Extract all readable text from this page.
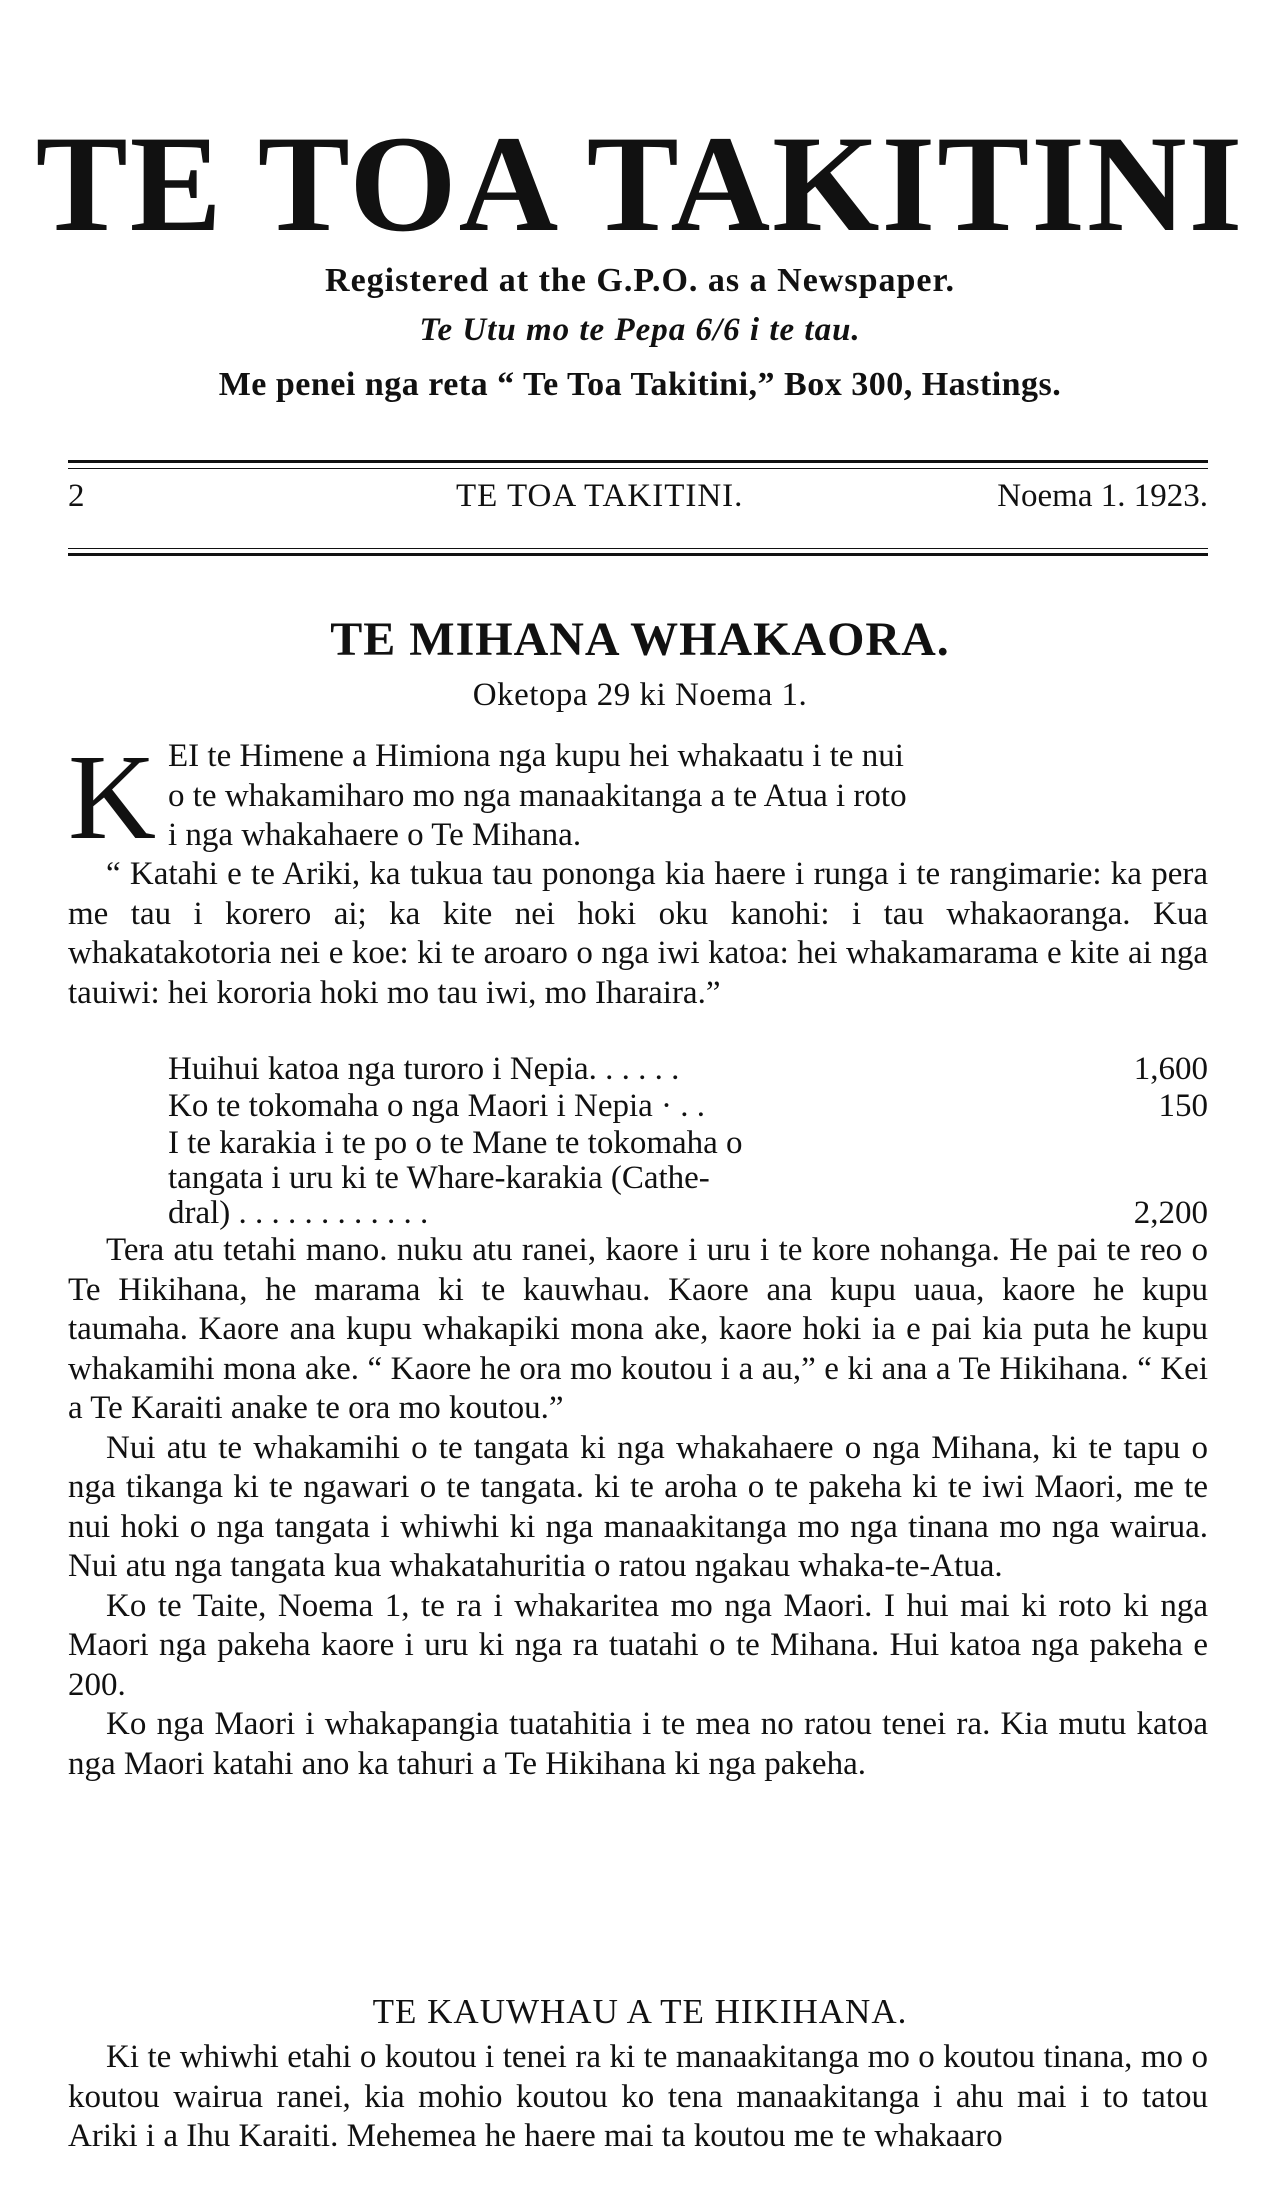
TE TOA TAKITINI
Registered at the G.P.O. as a Newspaper.
Te Utu mo te Pepa 6/6 i te tau.
Me penei nga reta “ Te Toa Takitini,” Box 300, Hastings.
2	TE TOA TAKITINI.	Noema 1. 1923.
TE MIHANA WHAKAORA.
Oketopa 29 ki Noema 1.
K EI te Himene a Himiona nga kupu hei whakaatu i te nui
o te whakamiharo mo nga manaakitanga a te Atua i roto
i nga whakahaere o Te Mihana.

“ Katahi e te Ariki, ka tukua tau pononga kia haere i runga i te rangimarie: ka pera me tau i korero ai; ka kite nei hoki oku kanohi: i tau whakaoranga. Kua whakatakotoria nei e koe: ki te aroaro o nga iwi katoa: hei whakamarama e kite ai nga tauiwi: hei kororia hoki mo tau iwi, mo Iharaira.”

Huihui katoa nga turoro i Nepia. . . . . .	1,600
Ko te tokomaha o nga Maori i Nepia · . .	150
I te karakia i te po o te Mane te tokomaha o
tangata i uru ki te Whare-karakia (Cathe-
dral) . . . . . . . . . . . .	2,200

Tera atu tetahi mano. nuku atu ranei, kaore i uru i te kore nohanga. He pai te reo o Te Hikihana, he marama ki te kauwhau. Kaore ana kupu uaua, kaore he kupu taumaha. Kaore ana kupu whakapiki mona ake, kaore hoki ia e pai kia puta he kupu whakamihi mona ake. “ Kaore he ora mo koutou i a au,” e ki ana a Te Hikihana. “ Kei a Te Karaiti anake te ora mo koutou.”

Nui atu te whakamihi o te tangata ki nga whakahaere o nga Mihana, ki te tapu o nga tikanga ki te ngawari o te tangata. ki te aroha o te pakeha ki te iwi Maori, me te nui hoki o nga tangata i whiwhi ki nga manaakitanga mo nga tinana mo nga wairua. Nui atu nga tangata kua whakatahuritia o ratou ngakau whaka-te-Atua.

Ko te Taite, Noema 1, te ra i whakaritea mo nga Maori. I hui mai ki roto ki nga Maori nga pakeha kaore i uru ki nga ra tuatahi o te Mihana. Hui katoa nga pakeha e 200.

Ko nga Maori i whakapangia tuatahitia i te mea no ratou tenei ra. Kia mutu katoa nga Maori katahi ano ka tahuri a Te Hikihana ki nga pakeha.

TE KAUWHAU A TE HIKIHANA.

Ki te whiwhi etahi o koutou i tenei ra ki te manaakitanga mo o koutou tinana, mo o koutou wairua ranei, kia mohio koutou ko tena manaakitanga i ahu mai i to tatou Ariki i a Ihu Karaiti. Mehemea he haere mai ta koutou me te whakaaro
